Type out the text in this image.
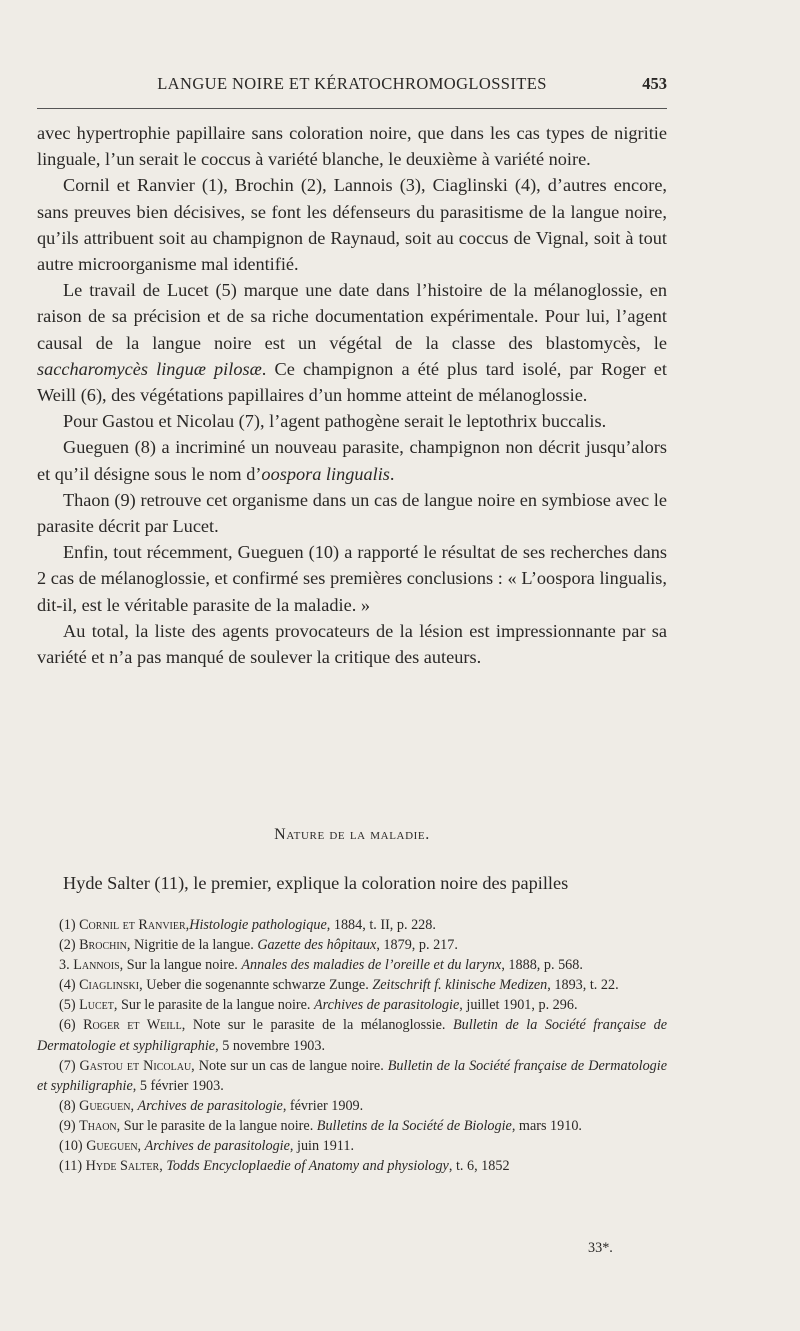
LANGUE NOIRE ET KÉRATOCHROMOGLOSSITES	453

avec hypertrophie papillaire sans coloration noire, que dans les cas types de nigritie linguale, l’un serait le coccus à variété blanche, le deuxième à variété noire.

Cornil et Ranvier (1), Brochin (2), Lannois (3), Ciaglinski (4), d’autres encore, sans preuves bien décisives, se font les défenseurs du parasitisme de la langue noire, qu’ils attribuent soit au champignon de Raynaud, soit au coccus de Vignal, soit à tout autre microorganisme mal identifié.

Le travail de Lucet (5) marque une date dans l’histoire de la mélanoglossie, en raison de sa précision et de sa riche documentation expérimentale. Pour lui, l’agent causal de la langue noire est un végétal de la classe des blastomycès, le saccharomycès linguæ pilosæ. Ce champignon a été plus tard isolé, par Roger et Weill (6), des végétations papillaires d’un homme atteint de mélanoglossie.

Pour Gastou et Nicolau (7), l’agent pathogène serait le leptothrix buccalis.

Gueguen (8) a incriminé un nouveau parasite, champignon non décrit jusqu’alors et qu’il désigne sous le nom d’oospora lingualis.

Thaon (9) retrouve cet organisme dans un cas de langue noire en symbiose avec le parasite décrit par Lucet.

Enfin, tout récemment, Gueguen (10) a rapporté le résultat de ses recherches dans 2 cas de mélanoglossie, et confirmé ses premières conclusions : « L’oospora lingualis, dit-il, est le véritable parasite de la maladie. »

Au total, la liste des agents provocateurs de la lésion est impressionnante par sa variété et n’a pas manqué de soulever la critique des auteurs.

Nature de la maladie.
Hyde Salter (11), le premier, explique la coloration noire des papilles

(1) Cornil et Ranvier,Histologie pathologique, 1884, t. II, p. 228.

(2) Brochin, Nigritie de la langue. Gazette des hôpitaux, 1879, p. 217.

3. Lannois, Sur la langue noire. Annales des maladies de l’oreille et du larynx, 1888, p. 568.

(4) Ciaglinski, Ueber die sogenannte schwarze Zunge. Zeitschrift f. klinische Medizen, 1893, t. 22.

(5) Lucet, Sur le parasite de la langue noire. Archives de parasitologie, juillet 1901, p. 296.

(6) Roger et Weill, Note sur le parasite de la mélanoglossie. Bulletin de la Société française de Dermatologie et syphiligraphie, 5 novembre 1903.

(7) Gastou et Nicolau, Note sur un cas de langue noire. Bulletin de la Société française de Dermatologie et syphiligraphie, 5 février 1903.

(8) Gueguen, Archives de parasitologie, février 1909.

(9) Thaon, Sur le parasite de la langue noire. Bulletins de la Société de Biologie, mars 1910.

(10) Gueguen, Archives de parasitologie, juin 1911.

(11) Hyde Salter, Todds Encycloplaedie of Anatomy and physiology, t. 6, 1852

33*.
